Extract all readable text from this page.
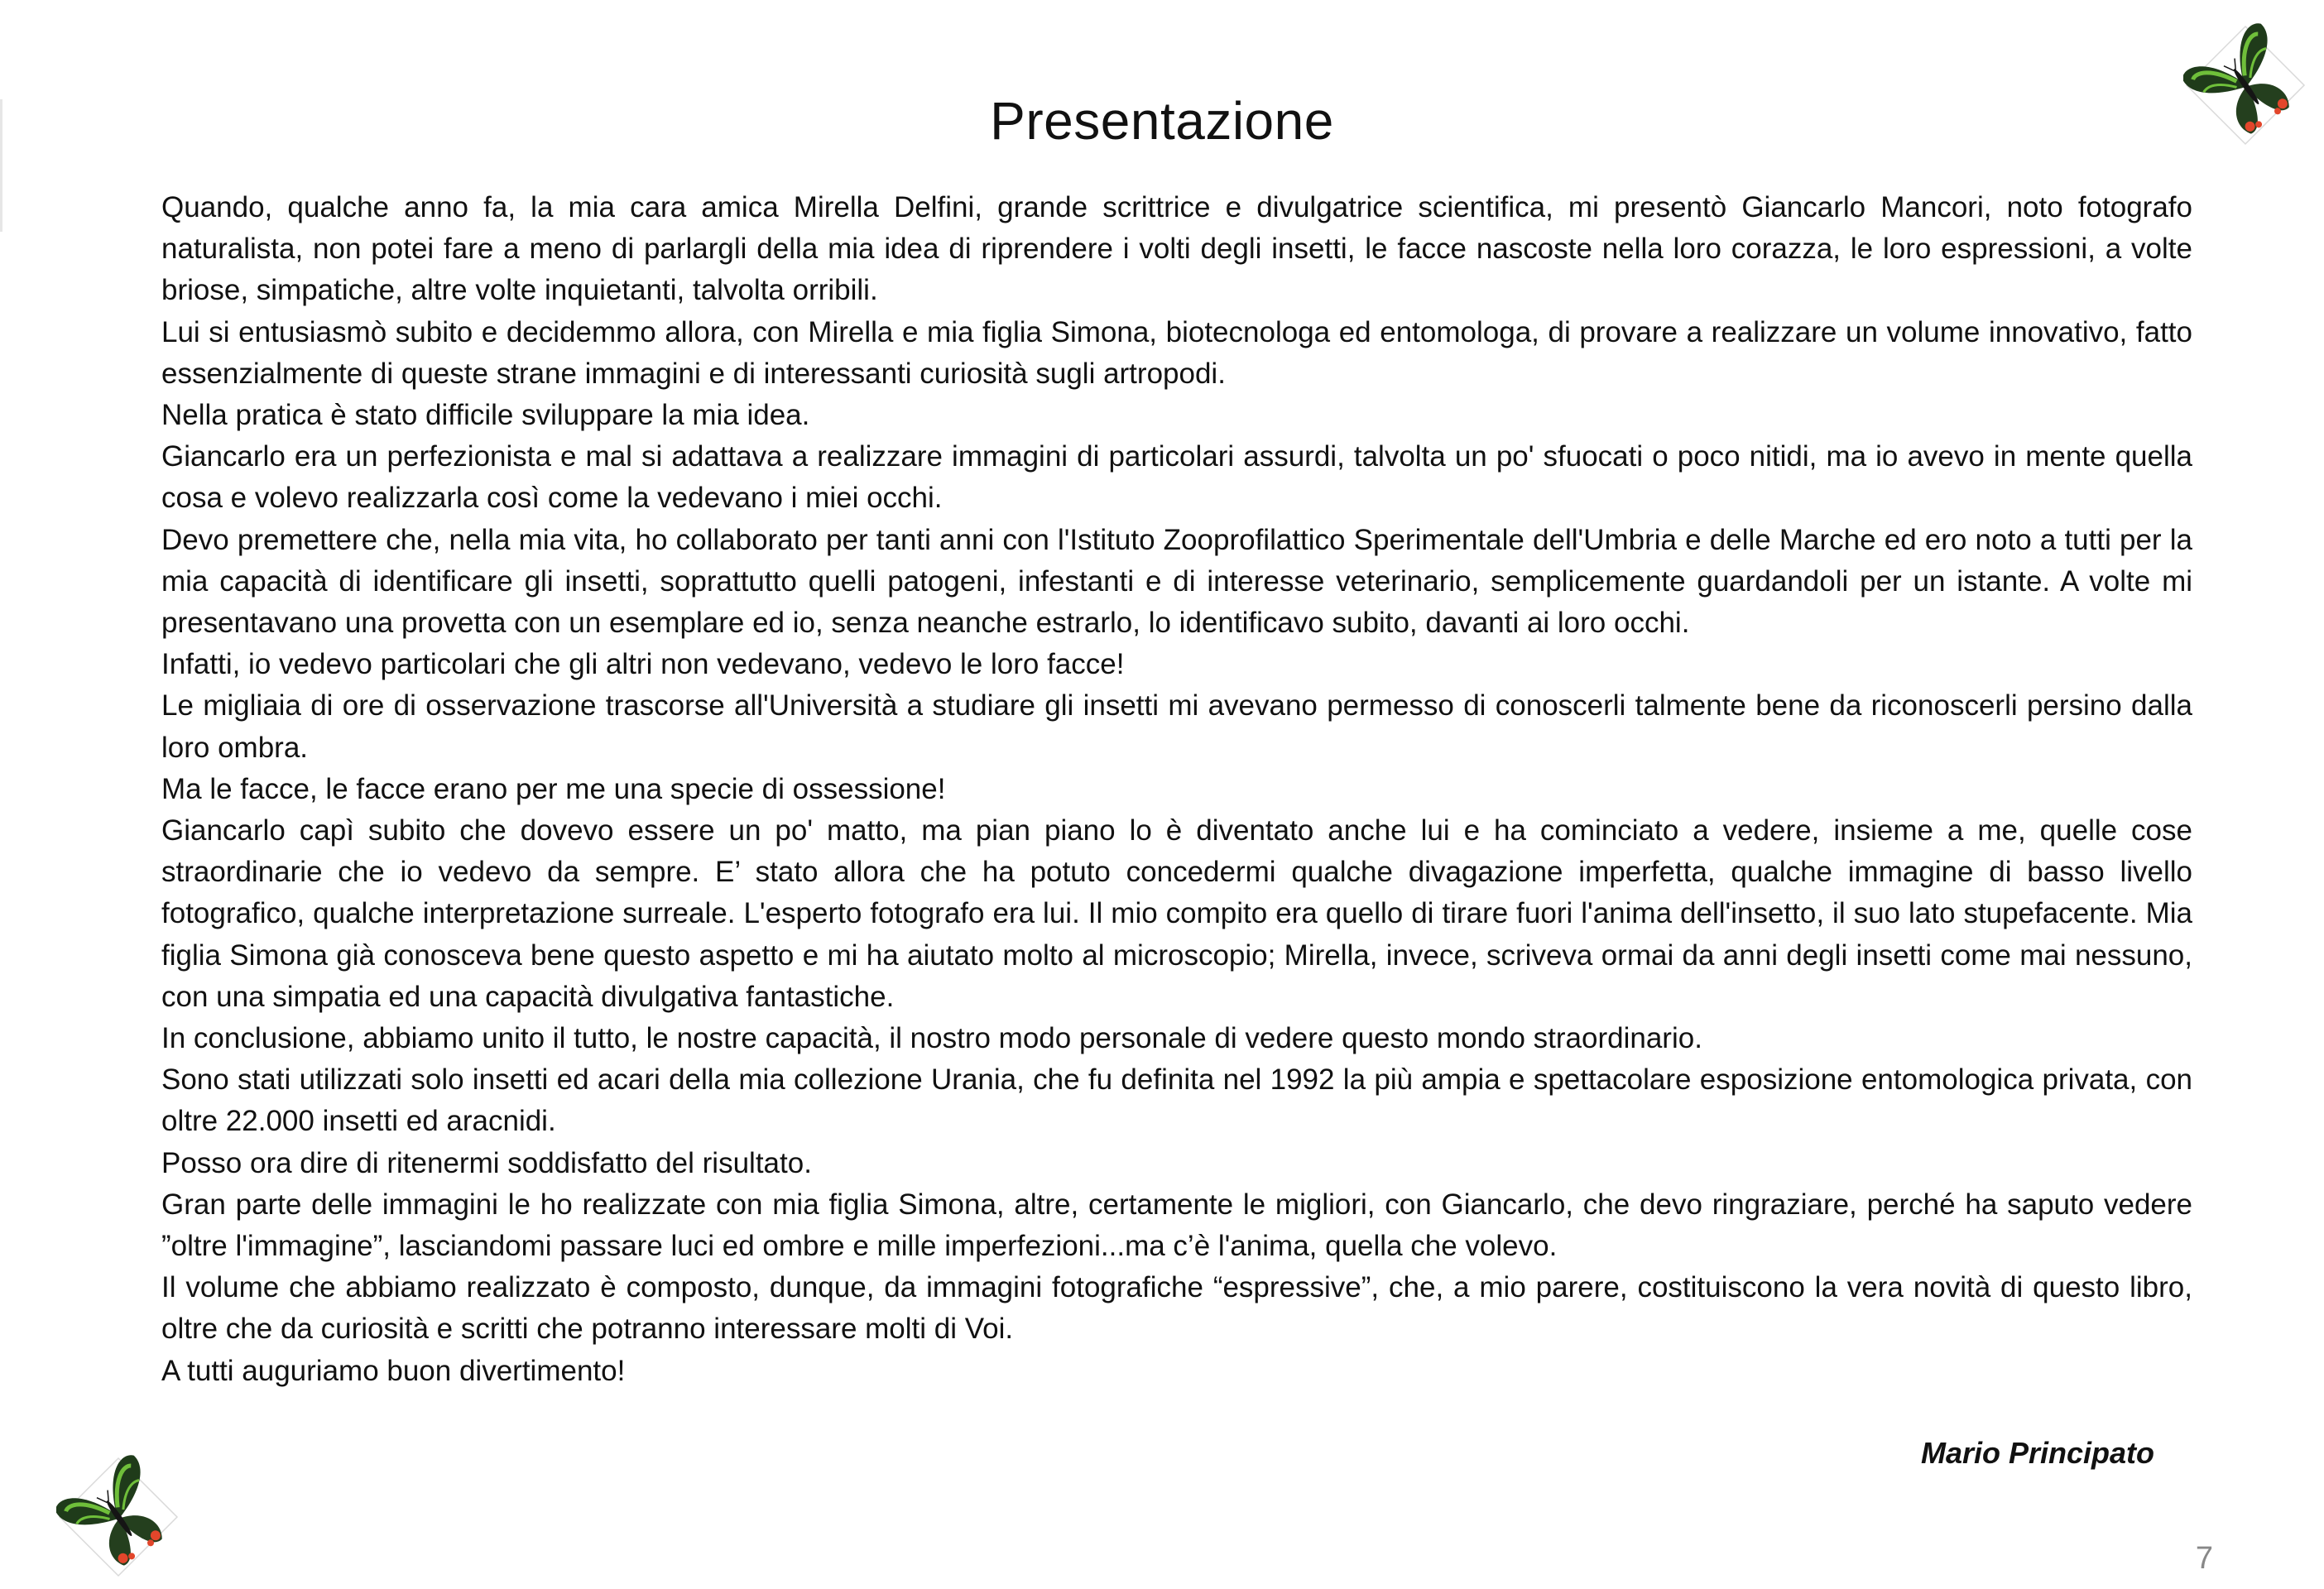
Presentazione

Quando, qualche anno fa, la mia cara amica Mirella Delfini, grande scrittrice e divulgatrice scientifica, mi presentò Giancarlo Mancori, noto fotografo naturalista, non potei fare a meno di parlargli della mia idea di riprendere i volti degli insetti, le facce nascoste nella loro corazza, le loro espressioni, a volte briose, simpatiche, altre volte inquietanti, talvolta orribili.

Lui si entusiasmò subito e decidemmo allora, con Mirella e mia figlia Simona, biotecnologa ed entomologa, di provare a realizzare un volume innovativo, fatto essenzialmente di queste strane immagini e di interessanti curiosità sugli artropodi.

Nella pratica è stato difficile sviluppare la mia idea.

Giancarlo era un perfezionista e mal si adattava a realizzare immagini di particolari assurdi, talvolta un po' sfuocati o poco nitidi, ma io avevo in mente quella cosa e volevo realizzarla così come la vedevano i miei occhi.

Devo premettere che, nella mia vita, ho collaborato per tanti anni con l'Istituto Zooprofilattico Sperimentale dell'Umbria e delle Marche ed ero noto a tutti per la mia capacità di identificare gli insetti, soprattutto quelli patogeni, infestanti e di interesse veterinario, semplicemente guardandoli per un istante. A volte mi presentavano una provetta con un esemplare ed io, senza neanche estrarlo, lo identificavo subito, davanti ai loro occhi.

Infatti, io vedevo particolari che gli altri non vedevano, vedevo le loro facce!

Le migliaia di ore di osservazione trascorse all'Università a studiare gli insetti mi avevano permesso di conoscerli talmente bene da riconoscerli persino dalla loro ombra.

Ma le facce, le facce erano per me una specie di ossessione!

Giancarlo capì subito che dovevo essere un po' matto, ma pian piano lo è diventato anche lui e ha cominciato a vedere, insieme a me, quelle cose straordinarie che io vedevo da sempre. E’ stato allora che ha potuto concedermi qualche divagazione imperfetta, qualche immagine di basso livello fotografico, qualche interpretazione surreale. L'esperto fotografo era lui. Il mio compito era quello di tirare fuori l'anima dell'insetto, il suo lato stupefacente. Mia figlia Simona già conosceva bene questo aspetto e mi ha aiutato molto al microscopio; Mirella, invece, scriveva ormai da anni degli insetti come mai nessuno, con una simpatia ed una capacità divulgativa fantastiche.

In conclusione, abbiamo unito il tutto, le nostre capacità, il nostro modo personale di vedere questo mondo straordinario.

Sono stati utilizzati solo insetti ed acari della mia collezione Urania, che fu definita nel 1992 la più ampia e spettacolare esposizione entomologica privata, con oltre 22.000 insetti ed aracnidi.

Posso ora dire di ritenermi soddisfatto del risultato.

Gran parte delle immagini le ho realizzate con mia figlia Simona, altre, certamente le migliori, con Giancarlo, che devo ringraziare, perché ha saputo vedere ”oltre l'immagine”, lasciandomi passare luci ed ombre e mille imperfezioni...ma c’è l'anima, quella che volevo.

Il volume che abbiamo realizzato è composto, dunque, da immagini fotografiche “espressive”, che, a mio parere, costituiscono la vera novità di questo libro, oltre che da curiosità e scritti che potranno interessare molti di Voi.

A tutti auguriamo buon divertimento!

Mario Principato
7
